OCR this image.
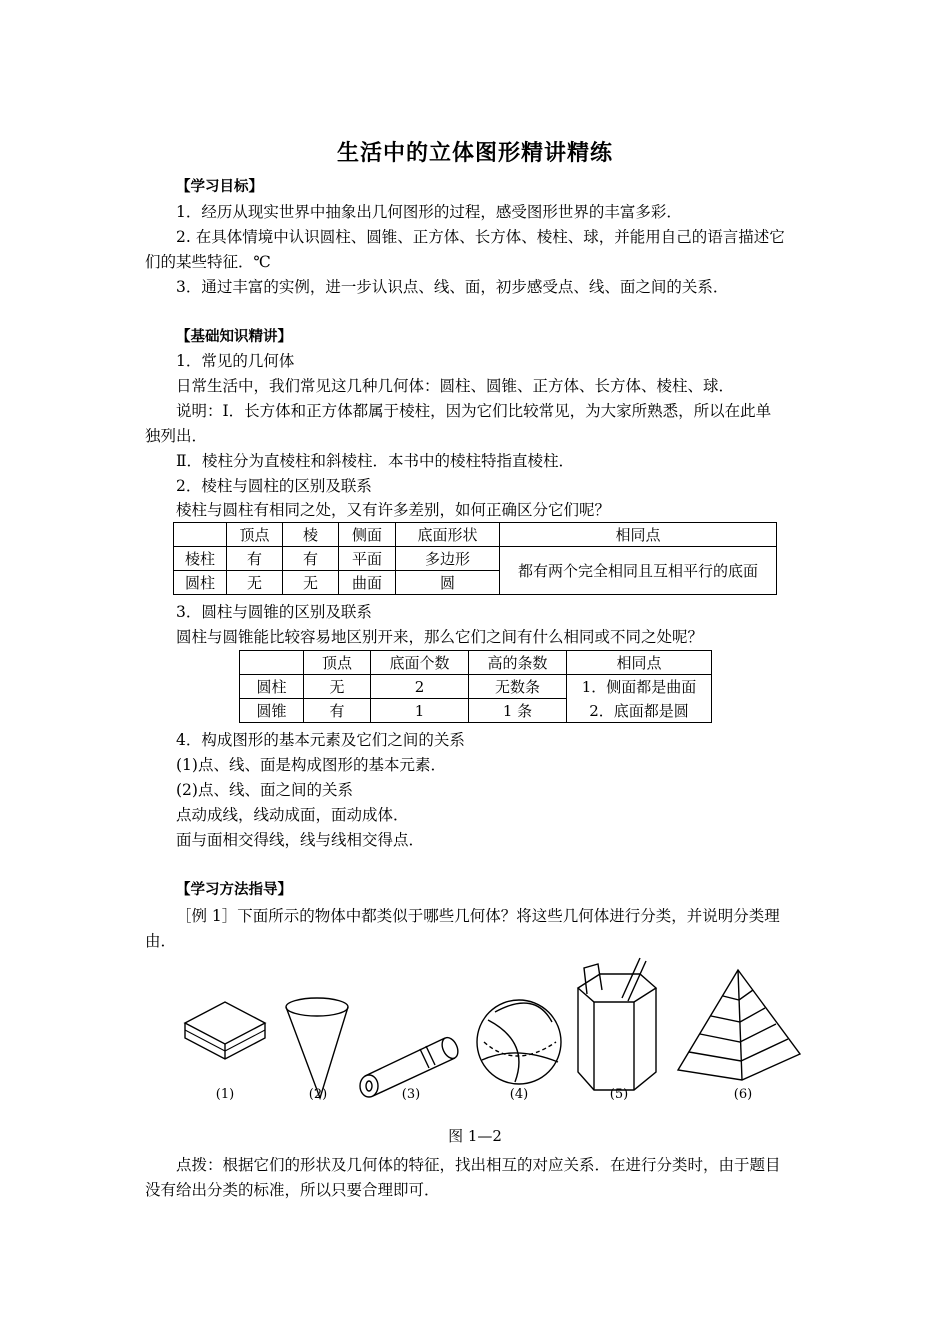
生活中的立体图形精讲精练
【学习目标】
1．经历从现实世界中抽象出几何图形的过程，感受图形世界的丰富多彩．
2. 在具体情境中认识圆柱、圆锥、正方体、长方体、棱柱、球，并能用自己的语言描述它
们的某些特征．℃
3．通过丰富的实例，进一步认识点、线、面，初步感受点、线、面之间的关系．
【基础知识精讲】
1．常见的几何体
日常生活中，我们常见这几种几何体：圆柱、圆锥、正方体、长方体、棱柱、球．
说明：Ⅰ．长方体和正方体都属于棱柱，因为它们比较常见，为大家所熟悉，所以在此单
独列出．
Ⅱ．棱柱分为直棱柱和斜棱柱．本书中的棱柱特指直棱柱．
2．棱柱与圆柱的区别及联系
棱柱与圆柱有相同之处，又有许多差别，如何正确区分它们呢？
	顶点	棱	侧面	底面形状	相同点
棱柱	有	有	平面	多边形	都有两个完全相同且互相平行的底面
圆柱	无	无	曲面	圆	
3．圆柱与圆锥的区别及联系
圆柱与圆锥能比较容易地区别开来，那么它们之间有什么相同或不同之处呢？
	顶点	底面个数	高的条数	相同点
圆柱	无	2	无数条	1．侧面都是曲面
圆锥	有	1	1 条	2．底面都是圆
4．构成图形的基本元素及它们之间的关系
(1)点、线、面是构成图形的基本元素．
(2)点、线、面之间的关系
点动成线，线动成面，面动成体．
面与面相交得线，线与线相交得点．
【学习方法指导】
［例 1］下面所示的物体中都类似于哪些几何体？将这些几何体进行分类，并说明分类理
由．
(1)	(2)	(3)	(4)	(5)	(6)
图 1—2
点拨：根据它们的形状及几何体的特征，找出相互的对应关系．在进行分类时，由于题目
没有给出分类的标准，所以只要合理即可．
